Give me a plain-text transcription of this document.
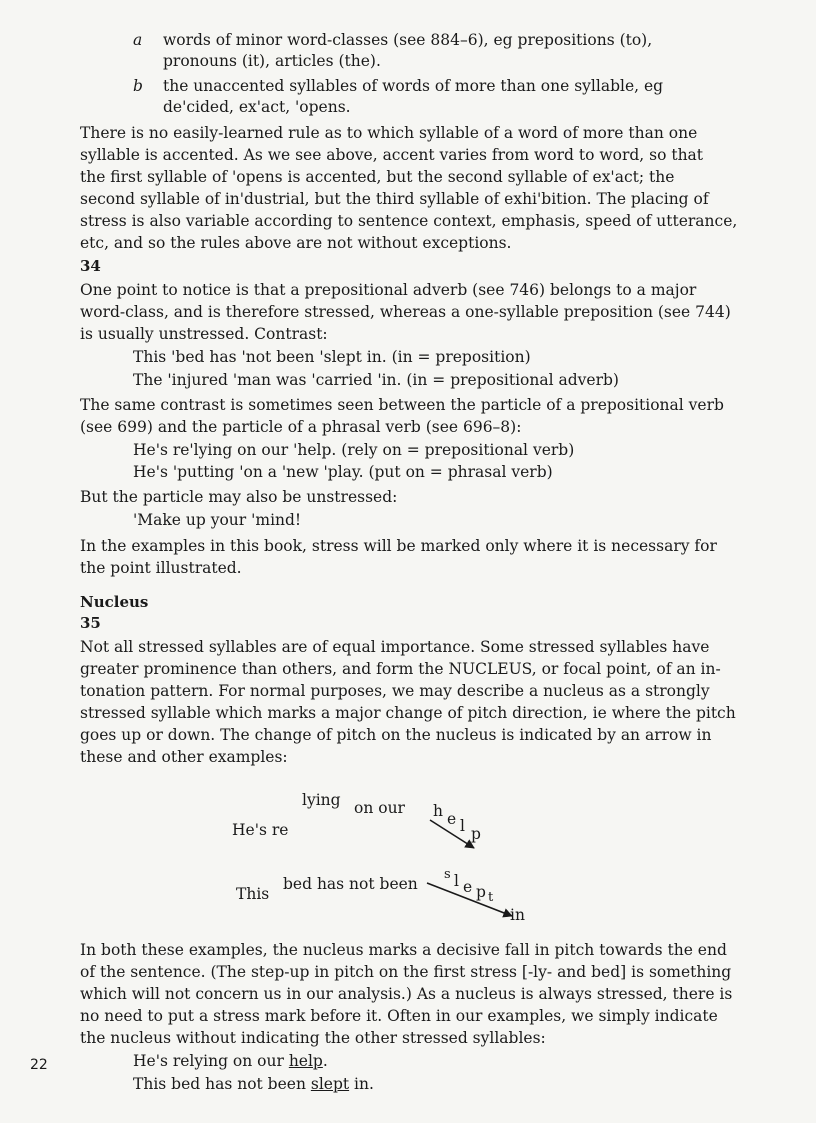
a words of minor word-classes (see 884–6), eg prepositions (to),
pronouns (it), articles (the).
b the unaccented syllables of words of more than one syllable, eg
de'cided, ex'act, 'opens.
There is no easily-learned rule as to which syllable of a word of more than one
syllable is accented. As we see above, accent varies from word to word, so that
the first syllable of 'opens is accented, but the second syllable of ex'act; the
second syllable of in'dustrial, but the third syllable of exhi'bition. The placing of
stress is also variable according to sentence context, emphasis, speed of utterance,
etc, and so the rules above are not without exceptions.
34
One point to notice is that a prepositional adverb (see 746) belongs to a major
word-class, and is therefore stressed, whereas a one-syllable preposition (see 744)
is usually unstressed. Contrast:
This 'bed has 'not been 'slept in. (in = preposition)
The 'injured 'man was 'carried 'in. (in = prepositional adverb)
The same contrast is sometimes seen between the particle of a prepositional verb
(see 699) and the particle of a phrasal verb (see 696–8):
He's re'lying on our 'help. (rely on = prepositional verb)
He's 'putting 'on a 'new 'play. (put on = phrasal verb)
But the particle may also be unstressed:
'Make up your 'mind!
In the examples in this book, stress will be marked only where it is necessary for
the point illustrated.
Nucleus
35
Not all stressed syllables are of equal importance. Some stressed syllables have
greater prominence than others, and form the NUCLEUS, or focal point, of an in-
tonation pattern. For normal purposes, we may describe a nucleus as a strongly
stressed syllable which marks a major change of pitch direction, ie where the pitch
goes up or down. The change of pitch on the nucleus is indicated by an arrow in
these and other examples:
He's re
lying on our h e l p
This
bed has not been
s l e p t
in
In both these examples, the nucleus marks a decisive fall in pitch towards the end
of the sentence. (The step-up in pitch on the first stress [-ly- and bed] is something
which will not concern us in our analysis.) As a nucleus is always stressed, there is
no need to put a stress mark before it. Often in our examples, we simply indicate
the nucleus without indicating the other stressed syllables:
He's relying on our help.
This bed has not been slept in.
22
